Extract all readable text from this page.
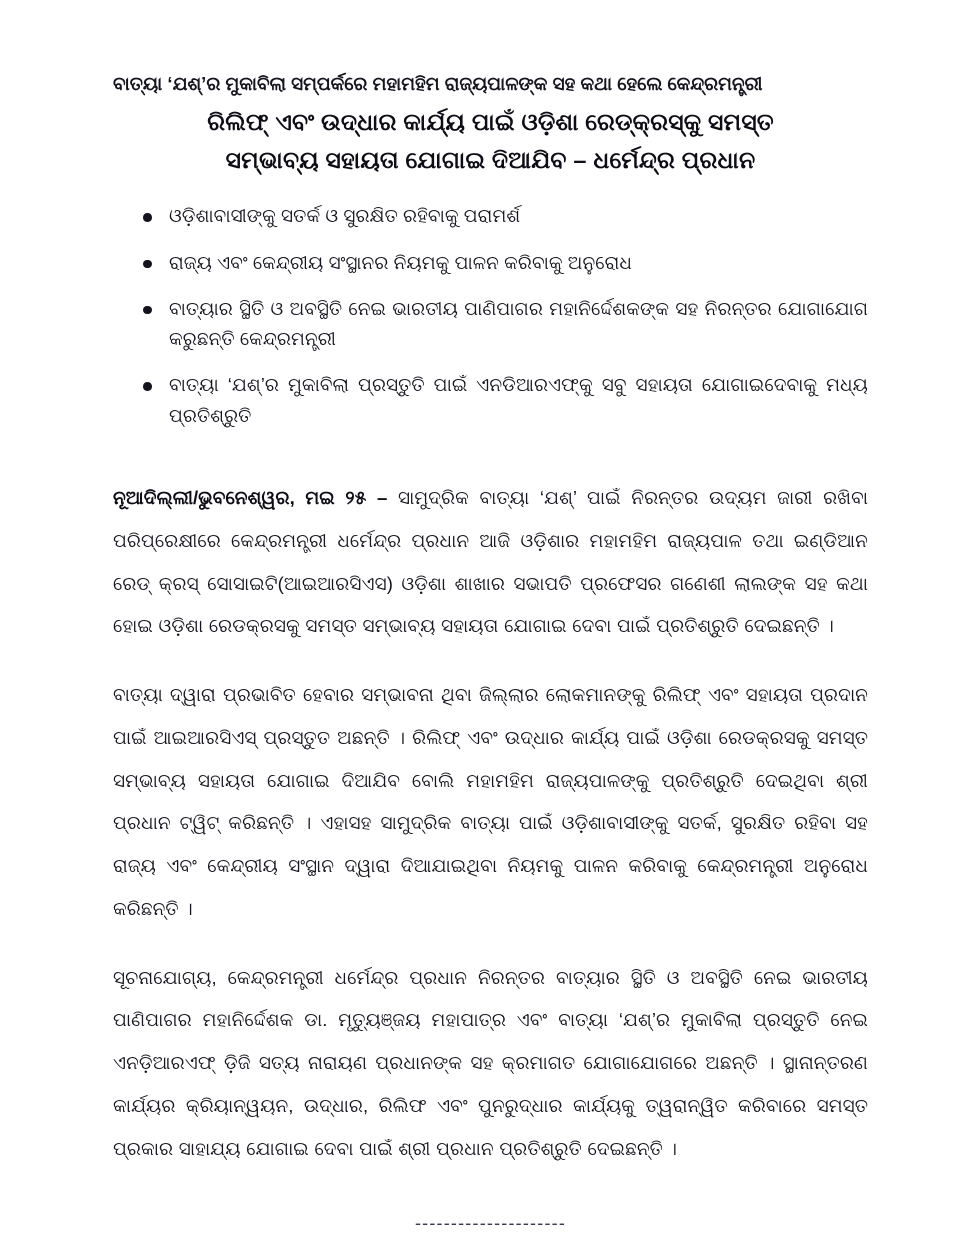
ବାତ୍ୟା ‘ଯଶ୍’ର ମୁକାବିଲା ସମ୍ପର୍କରେ ମହାମହିମ ରାଜ୍ୟପାଳଙ୍କ ସହ କଥା ହେଲେ କେନ୍ଦ୍ରମନ୍ତ୍ରୀ
ରିଲିଫ୍ ଏବଂ ଉଦ୍ଧାର କାର୍ଯ୍ୟ ପାଇଁ ଓଡ଼ିଶା ରେଡ୍‌କ୍ରସ୍‌କୁ ସମସ୍ତ
ସମ୍ଭାବ୍ୟ ସହାୟତା ଯୋଗାଇ ଦିଆଯିବ – ଧର୍ମେନ୍ଦ୍ର ପ୍ରଧାନ
ଓଡ଼ିଶାବାସୀଙ୍କୁ ସତର୍କ ଓ ସୁରକ୍ଷିତ ରହିବାକୁ ପରାମର୍ଶ
ରାଜ୍ୟ ଏବଂ କେନ୍ଦ୍ରୀୟ ସଂସ୍ଥାନର ନିୟମକୁ ପାଳନ କରିବାକୁ ଅନୁରୋଧ
ବାତ୍ୟାର ସ୍ଥିତି ଓ ଅବସ୍ଥିତି ନେଇ ଭାରତୀୟ ପାଣିପାଗର ମହାନିର୍ଦ୍ଦେଶକଙ୍କ ସହ ନିରନ୍ତର ଯୋଗାଯୋଗ କରୁଛନ୍ତି କେନ୍ଦ୍ରମନ୍ତ୍ରୀ
ବାତ୍ୟା ‘ଯଶ୍’ର ମୁକାବିଲା ପ୍ରସ୍ତୁତି ପାଇଁ ଏନଡିଆରଏଫ୍‌କୁ ସବୁ ସହାୟତା ଯୋଗାଇଦେବାକୁ ମଧ୍ୟ ପ୍ରତିଶ୍ରୁତି

ନୂଆଦିଲ୍ଲୀ/ଭୁବନେଶ୍ୱର, ମଇ ୨୫ – ସାମୁଦ୍ରିକ ବାତ୍ୟା ‘ଯଶ୍’ ପାଇଁ ନିରନ୍ତର ଉଦ୍ୟମ ଜାରୀ ରଖିବା ପରିପ୍ରେକ୍ଷୀରେ କେନ୍ଦ୍ରମନ୍ତ୍ରୀ ଧର୍ମେନ୍ଦ୍ର ପ୍ରଧାନ ଆଜି ଓଡ଼ିଶାର ମହାମହିମ ରାଜ୍ୟପାଳ ତଥା ଇଣ୍ଡିଆନ ରେଡ୍ କ୍ରସ୍ ସୋସାଇଟି(ଆଇଆରସିଏସ) ଓଡ଼ିଶା ଶାଖାର ସଭାପତି ପ୍ରଫେସର ଗଣେଶୀ ଲାଲଙ୍କ ସହ କଥା ହୋଇ ଓଡ଼ିଶା ରେଡକ୍ରସକୁ ସମସ୍ତ ସମ୍ଭାବ୍ୟ ସହାୟତା ଯୋଗାଇ ଦେବା ପାଇଁ ପ୍ରତିଶ୍ରୁତି ଦେଇଛନ୍ତି ।

ବାତ୍ୟା ଦ୍ୱାରା ପ୍ରଭାବିତ ହେବାର ସମ୍ଭାବନା ଥିବା ଜିଲ୍ଲାର ଲୋକମାନଙ୍କୁ ରିଲିଫ୍ ଏବଂ ସହାୟତା ପ୍ରଦାନ ପାଇଁ ଆଇଆରସିଏସ୍ ପ୍ରସ୍ତୁତ ଅଛନ୍ତି । ରିଲିଫ୍ ଏବଂ ଉଦ୍ଧାର କାର୍ଯ୍ୟ ପାଇଁ ଓଡ଼ିଶା ରେଡକ୍ରସକୁ ସମସ୍ତ ସମ୍ଭାବ୍ୟ ସହାୟତା ଯୋଗାଇ ଦିଆଯିବ ବୋଲି ମହାମହିମ ରାଜ୍ୟପାଳଙ୍କୁ ପ୍ରତିଶ୍ରୁତି ଦେଇଥିବା ଶ୍ରୀ ପ୍ରଧାନ ଟ୍ୱିଟ୍ କରିଛନ୍ତି । ଏହାସହ ସାମୁଦ୍ରିକ ବାତ୍ୟା ପାଇଁ ଓଡ଼ିଶାବାସୀଙ୍କୁ ସତର୍କ, ସୁରକ୍ଷିତ ରହିବା ସହ ରାଜ୍ୟ ଏବଂ କେନ୍ଦ୍ରୀୟ ସଂସ୍ଥାନ ଦ୍ୱାରା ଦିଆଯାଇଥିବା ନିୟମକୁ ପାଳନ କରିବାକୁ କେନ୍ଦ୍ରମନ୍ତ୍ରୀ ଅନୁରୋଧ କରିଛନ୍ତି ।

ସୂଚନାଯୋଗ୍ୟ, କେନ୍ଦ୍ରମନ୍ତ୍ରୀ ଧର୍ମେନ୍ଦ୍ର ପ୍ରଧାନ ନିରନ୍ତର ବାତ୍ୟାର ସ୍ଥିତି ଓ ଅବସ୍ଥିତି ନେଇ ଭାରତୀୟ ପାଣିପାଗର ମହାନିର୍ଦ୍ଦେଶକ ଡା. ମୃତ୍ୟୁଞ୍ଜୟ ମହାପାତ୍ର ଏବଂ ବାତ୍ୟା ‘ଯଶ୍’ର ମୁକାବିଲା ପ୍ରସ୍ତୁତି ନେଇ ଏନଡ଼ିଆରଏଫ୍ ଡ଼ିଜି ସତ୍ୟ ନାରାୟଣ ପ୍ରଧାନଙ୍କ ସହ କ୍ରମାଗତ ଯୋଗାଯୋଗରେ ଅଛନ୍ତି । ସ୍ଥାନାନ୍ତରଣ କାର୍ଯ୍ୟର କ୍ରିୟାନ୍ୱୟନ, ଉଦ୍ଧାର, ରିଲିଫ ଏବଂ ପୁନରୁଦ୍ଧାର କାର୍ଯ୍ୟକୁ ତ୍ୱରାନ୍ୱିତ କରିବାରେ ସମସ୍ତ ପ୍ରକାର ସାହାଯ୍ୟ ଯୋଗାଇ ଦେବା ପାଇଁ ଶ୍ରୀ ପ୍ରଧାନ ପ୍ରତିଶ୍ରୁତି ଦେଇଛନ୍ତି ।

---------------------
